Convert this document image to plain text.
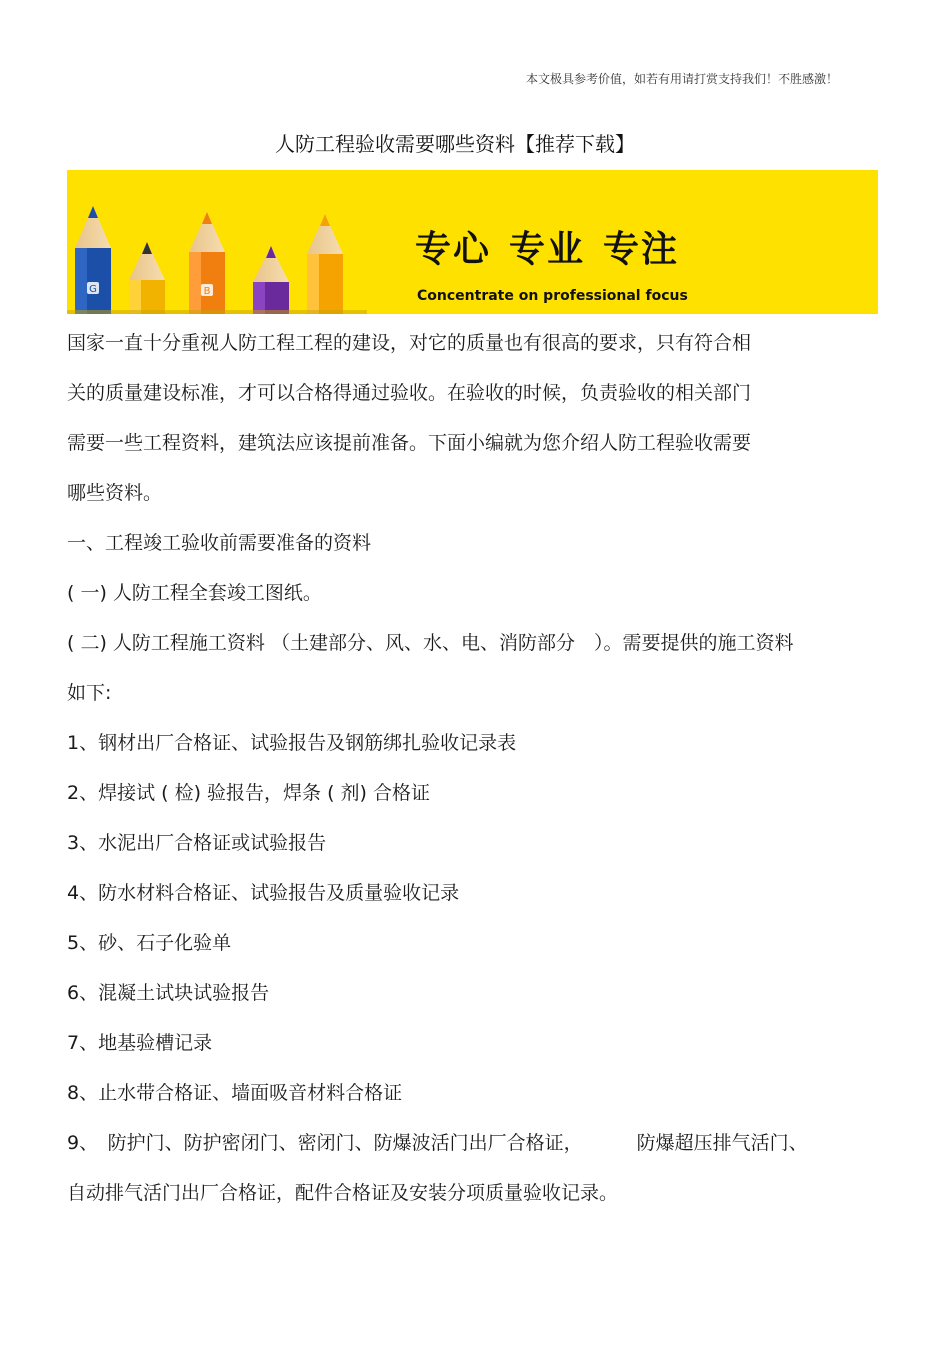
本文极具参考价值，如若有用请打赏支持我们！不胜感激！
人防工程验收需要哪些资料【推荐下载】
G	B
专心 专业 专注
Concentrate on professional focus
国家一直十分重视人防工程工程的建设，对它的质量也有很高的要求，只有符合相
关的质量建设标准，才可以合格得通过验收。在验收的时候，负责验收的相关部门
需要一些工程资料，建筑法应该提前准备。下面小编就为您介绍人防工程验收需要
哪些资料。
一、工程竣工验收前需要准备的资料
( 一) 人防工程全套竣工图纸。
( 二) 人防工程施工资料 （土建部分、风、水、电、消防部分　）。需要提供的施工资料
如下:
1、钢材出厂合格证、试验报告及钢筋绑扎验收记录表
2、焊接试 ( 检) 验报告，焊条 ( 剂) 合格证
3、水泥出厂合格证或试验报告
4、防水材料合格证、试验报告及质量验收记录
5、砂、石子化验单
6、混凝土试块试验报告
7、地基验槽记录
8、止水带合格证、墙面吸音材料合格证
9、　防护门、防护密闭门、密闭门、防爆波活门出厂合格证，	防爆超压排气活门、
自动排气活门出厂合格证，配件合格证及安装分项质量验收记录。
